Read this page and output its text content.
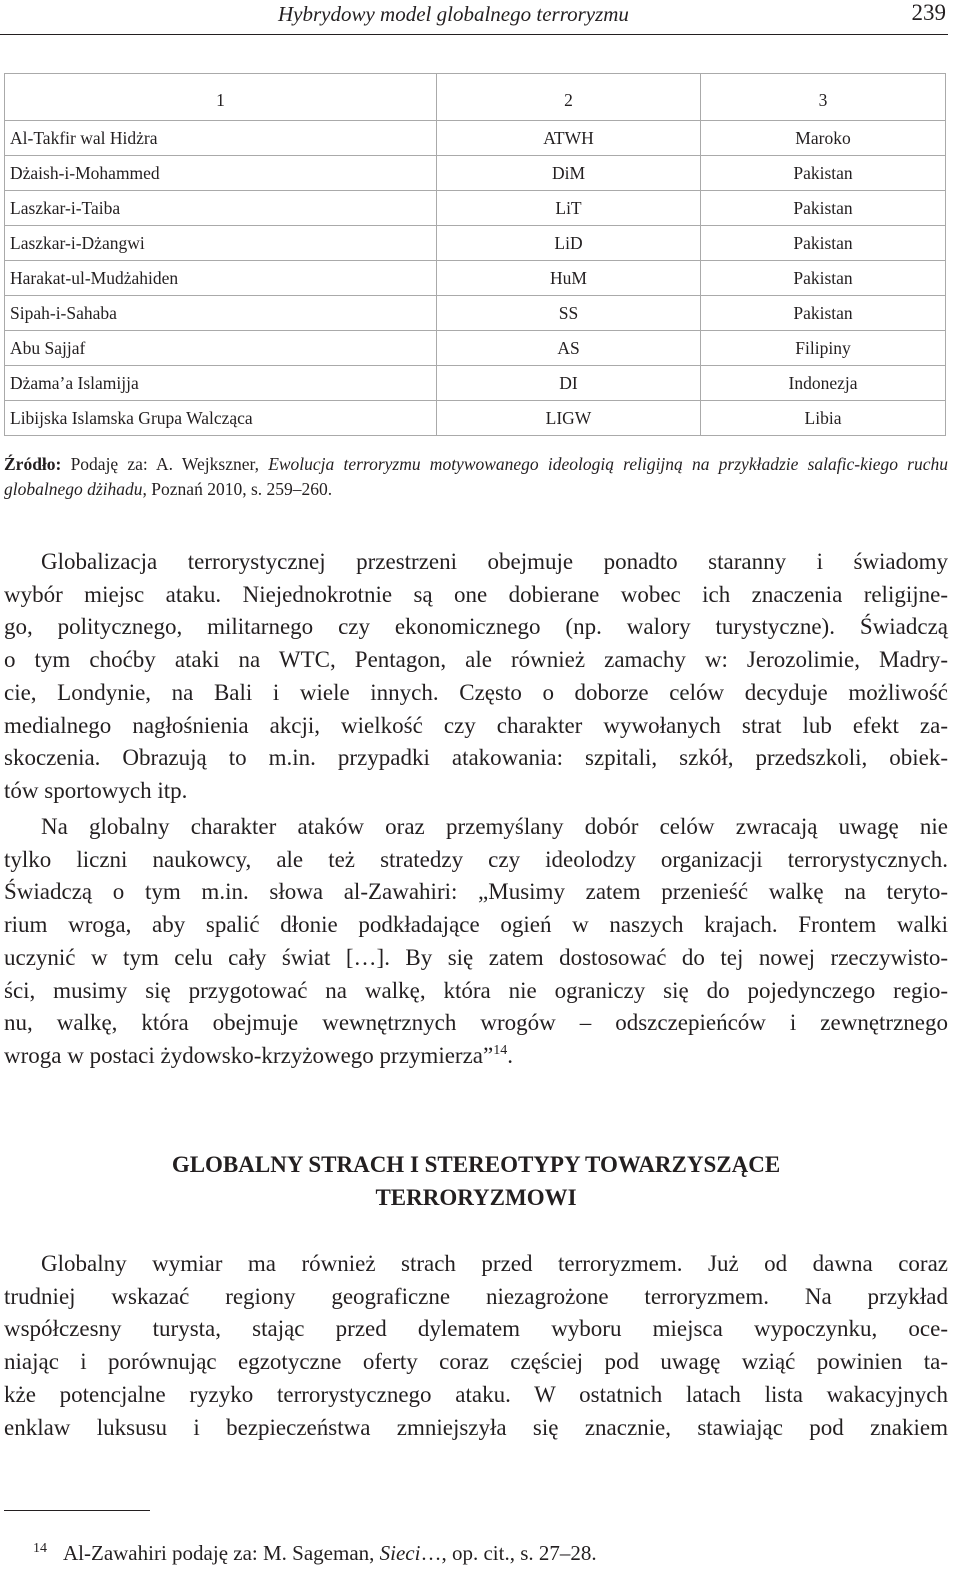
Hybrydowy model globalnego terroryzmu	239
1	2	3
Al-Takfir wal Hidżra	ATWH	Maroko
Dżaish-i-Mohammed	DiM	Pakistan
Laszkar-i-Taiba	LiT	Pakistan
Laszkar-i-Dżangwi	LiD	Pakistan
Harakat-ul-Mudżahiden	HuM	Pakistan
Sipah-i-Sahaba	SS	Pakistan
Abu Sajjaf	AS	Filipiny
Dżama’a Islamijja	DI	Indonezja
Libijska Islamska Grupa Walcząca	LIGW	Libia
Źródło: Podaję za: A. Wejkszner, Ewolucja terroryzmu motywowanego ideologią religijną na przykładzie salafic-kiego ruchu globalnego dżihadu, Poznań 2010, s. 259–260.
Globalizacja terrorystycznej przestrzeni obejmuje ponadto staranny i świadomy
wybór miejsc ataku. Niejednokrotnie są one dobierane wobec ich znaczenia religijne-
go, politycznego, militarnego czy ekonomicznego (np. walory turystyczne). Świadczą
o tym choćby ataki na WTC, Pentagon, ale również zamachy w: Jerozolimie, Madry-
cie, Londynie, na Bali i wiele innych. Często o doborze celów decyduje możliwość
medialnego nagłośnienia akcji, wielkość czy charakter wywołanych strat lub efekt za-
skoczenia. Obrazują to m.in. przypadki atakowania: szpitali, szkół, przedszkoli, obiek-
tów sportowych itp.
Na globalny charakter ataków oraz przemyślany dobór celów zwracają uwagę nie
tylko liczni naukowcy, ale też stratedzy czy ideolodzy organizacji terrorystycznych.
Świadczą o tym m.in. słowa al-Zawahiri: „Musimy zatem przenieść walkę na teryto-
rium wroga, aby spalić dłonie podkładające ogień w naszych krajach. Frontem walki
uczynić w tym celu cały świat […]. By się zatem dostosować do tej nowej rzeczywisto-
ści, musimy się przygotować na walkę, która nie ograniczy się do pojedynczego regio-
nu, walkę, która obejmuje wewnętrznych wrogów – odszczepieńców i zewnętrznego
wroga w postaci żydowsko-krzyżowego przymierza”$^{14}$.
GLOBALNY STRACH I STEREOTYPY TOWARZYSZĄCE
TERRORYZMOWI
Globalny wymiar ma również strach przed terroryzmem. Już od dawna coraz
trudniej wskazać regiony geograficzne niezagrożone terroryzmem. Na przykład
współczesny turysta, stając przed dylematem wyboru miejsca wypoczynku, oce-
niając i porównując egzotyczne oferty coraz częściej pod uwagę wziąć powinien ta-
kże potencjalne ryzyko terrorystycznego ataku. W ostatnich latach lista wakacyjnych
enklaw luksusu i bezpieczeństwa zmniejszyła się znacznie, stawiając pod znakiem
$^{14}$ Al-Zawahiri podaję za: M. Sageman, Sieci…, op. cit., s. 27–28.
